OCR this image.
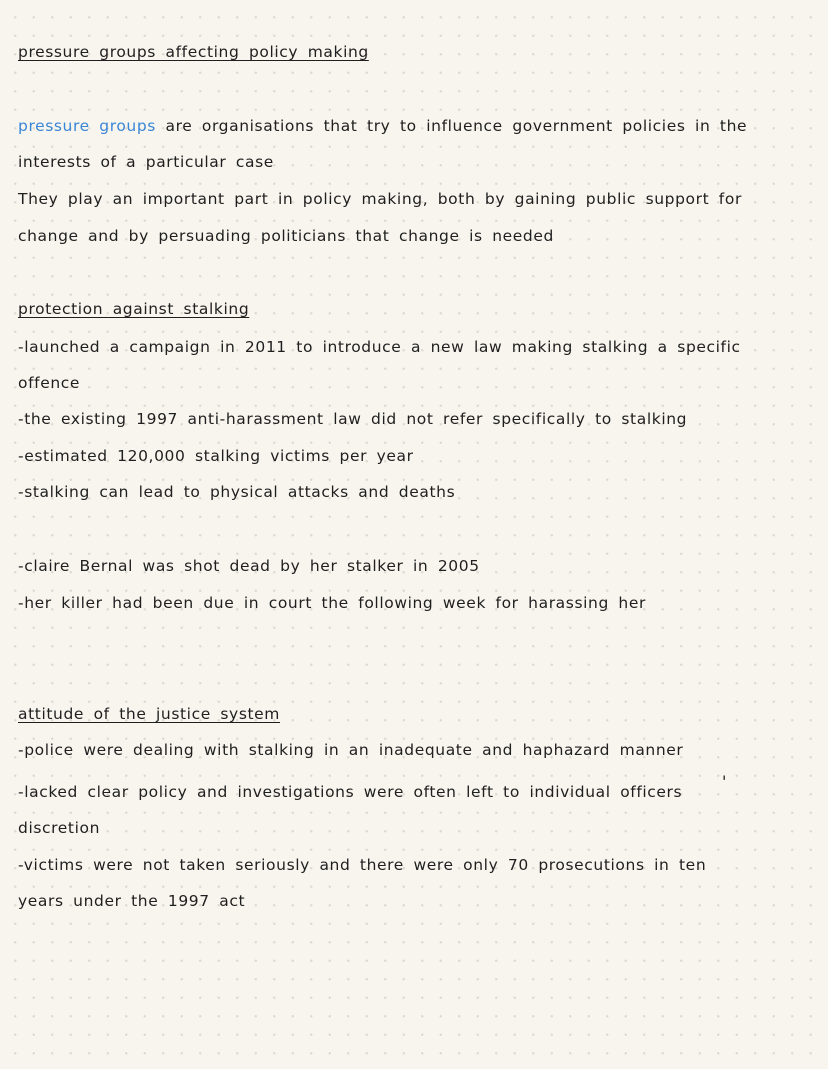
pressure groups affecting policy making
pressure groups are organisations that try to influence government policies in the
interests of a particular case
They play an important part in policy making, both by gaining public support for
change and by persuading politicians that change is needed
protection against stalking
-launched a campaign in 2011 to introduce a new law making stalking a specific
offence
-the existing 1997 anti-harassment law did not refer specifically to stalking
-estimated 120,000 stalking victims per year
-stalking can lead to physical attacks and deaths
-claire Bernal was shot dead by her stalker in 2005
-her killer had been due in court the following week for harassing her
attitude of the justice system
-police were dealing with stalking in an inadequate and haphazard manner
-lacked clear policy and investigations were often left to individual officers
discretion
-victims were not taken seriously and there were only 70 prosecutions in ten
years under the 1997 act
'
